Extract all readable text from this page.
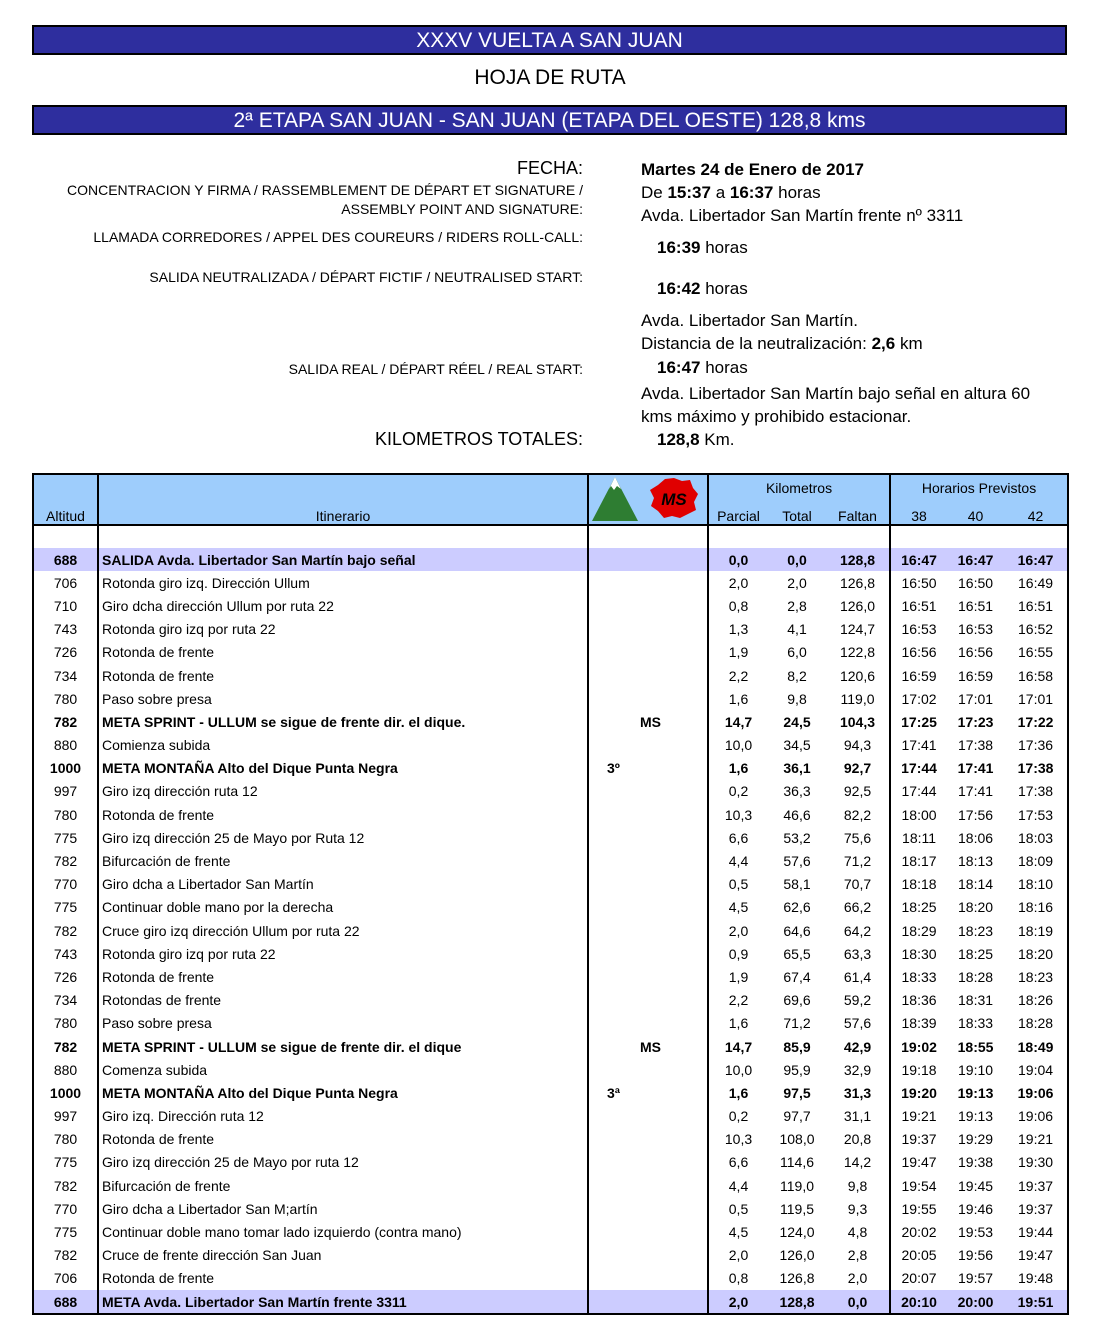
XXXV VUELTA A SAN JUAN
HOJA DE RUTA
2ª ETAPA SAN JUAN - SAN JUAN (ETAPA DEL OESTE) 128,8 kms
FECHA:	Martes 24 de Enero de 2017
CONCENTRACION Y FIRMA / RASSEMBLEMENT DE DÉPART ET SIGNATURE /
ASSEMBLY POINT AND SIGNATURE:
De 15:37 a 16:37 horas
Avda. Libertador San Martín frente nº 3311
LLAMADA CORREDORES / APPEL DES COUREURS / RIDERS ROLL-CALL:
16:39 horas
SALIDA NEUTRALIZADA / DÉPART FICTIF / NEUTRALISED START:
16:42 horas
Avda. Libertador San Martín.
Distancia de la neutralización: 2,6 km
SALIDA REAL / DÉPART RÉEL / REAL START:	16:47 horas
Avda. Libertador San Martín bajo señal en altura 60
kms máximo y prohibido estacionar.
KILOMETROS TOTALES:	128,8 Km.
Altitud	Itinerario		MS	Kilometros			Horarios Previstos		
				Parcial	Total	Faltan	38	40	42

688	SALIDA Avda. Libertador San Martín bajo señal			0,0	0,0	128,8	16:47	16:47	16:47
706	Rotonda giro izq. Dirección Ullum			2,0	2,0	126,8	16:50	16:50	16:49
710	Giro dcha dirección Ullum por ruta 22			0,8	2,8	126,0	16:51	16:51	16:51
743	Rotonda giro izq por ruta 22			1,3	4,1	124,7	16:53	16:53	16:52
726	Rotonda de frente			1,9	6,0	122,8	16:56	16:56	16:55
734	Rotonda de frente			2,2	8,2	120,6	16:59	16:59	16:58
780	Paso sobre presa			1,6	9,8	119,0	17:02	17:01	17:01
782	META SPRINT - ULLUM se sigue de frente dir. el dique.		MS	14,7	24,5	104,3	17:25	17:23	17:22
880	Comienza subida			10,0	34,5	94,3	17:41	17:38	17:36
1000	META MONTAÑA Alto del Dique Punta Negra	3º		1,6	36,1	92,7	17:44	17:41	17:38
997	Giro izq dirección ruta 12			0,2	36,3	92,5	17:44	17:41	17:38
780	Rotonda de frente			10,3	46,6	82,2	18:00	17:56	17:53
775	Giro izq dirección 25 de Mayo por Ruta 12			6,6	53,2	75,6	18:11	18:06	18:03
782	Bifurcación de frente			4,4	57,6	71,2	18:17	18:13	18:09
770	Giro dcha a Libertador San Martín			0,5	58,1	70,7	18:18	18:14	18:10
775	Continuar doble mano por la derecha			4,5	62,6	66,2	18:25	18:20	18:16
782	Cruce giro izq dirección Ullum por ruta 22			2,0	64,6	64,2	18:29	18:23	18:19
743	Rotonda giro izq por ruta 22			0,9	65,5	63,3	18:30	18:25	18:20
726	Rotonda de frente			1,9	67,4	61,4	18:33	18:28	18:23
734	Rotondas de frente			2,2	69,6	59,2	18:36	18:31	18:26
780	Paso sobre presa			1,6	71,2	57,6	18:39	18:33	18:28
782	META SPRINT - ULLUM se sigue de frente dir. el dique		MS	14,7	85,9	42,9	19:02	18:55	18:49
880	Comenza subida			10,0	95,9	32,9	19:18	19:10	19:04
1000	META MONTAÑA Alto del Dique Punta Negra	3ª		1,6	97,5	31,3	19:20	19:13	19:06
997	Giro izq. Dirección ruta 12			0,2	97,7	31,1	19:21	19:13	19:06
780	Rotonda de frente			10,3	108,0	20,8	19:37	19:29	19:21
775	Giro izq dirección 25 de Mayo por ruta 12			6,6	114,6	14,2	19:47	19:38	19:30
782	Bifurcación de frente			4,4	119,0	9,8	19:54	19:45	19:37
770	Giro dcha a Libertador San M;artín			0,5	119,5	9,3	19:55	19:46	19:37
775	Continuar doble mano tomar lado izquierdo (contra mano)			4,5	124,0	4,8	20:02	19:53	19:44
782	Cruce de frente dirección San Juan			2,0	126,0	2,8	20:05	19:56	19:47
706	Rotonda de frente			0,8	126,8	2,0	20:07	19:57	19:48
688	META Avda. Libertador San Martín frente 3311			2,0	128,8	0,0	20:10	20:00	19:51
